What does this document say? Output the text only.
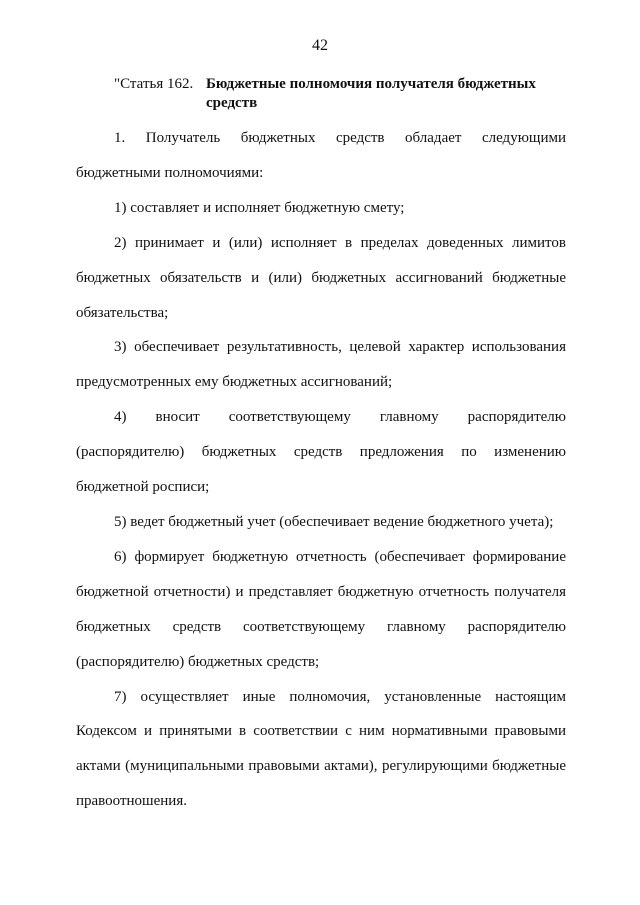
42
"Статья 162. Бюджетные полномочия получателя бюджетных средств

1. Получатель бюджетных средств обладает следующими бюджетными полномочиями:

1) составляет и исполняет бюджетную смету;

2) принимает и (или) исполняет в пределах доведенных лимитов бюджетных обязательств и (или) бюджетных ассигнований бюджетные обязательства;

3) обеспечивает результативность, целевой характер использования предусмотренных ему бюджетных ассигнований;

4) вносит соответствующему главному распорядителю (распорядителю) бюджетных средств предложения по изменению бюджетной росписи;

5) ведет бюджетный учет (обеспечивает ведение бюджетного учета);

6) формирует бюджетную отчетность (обеспечивает формирование бюджетной отчетности) и представляет бюджетную отчетность получателя бюджетных средств соответствующему главному распорядителю (распорядителю) бюджетных средств;

7) осуществляет иные полномочия, установленные настоящим Кодексом и принятыми в соответствии с ним нормативными правовыми актами (муниципальными правовыми актами), регулирующими бюджетные правоотношения.
